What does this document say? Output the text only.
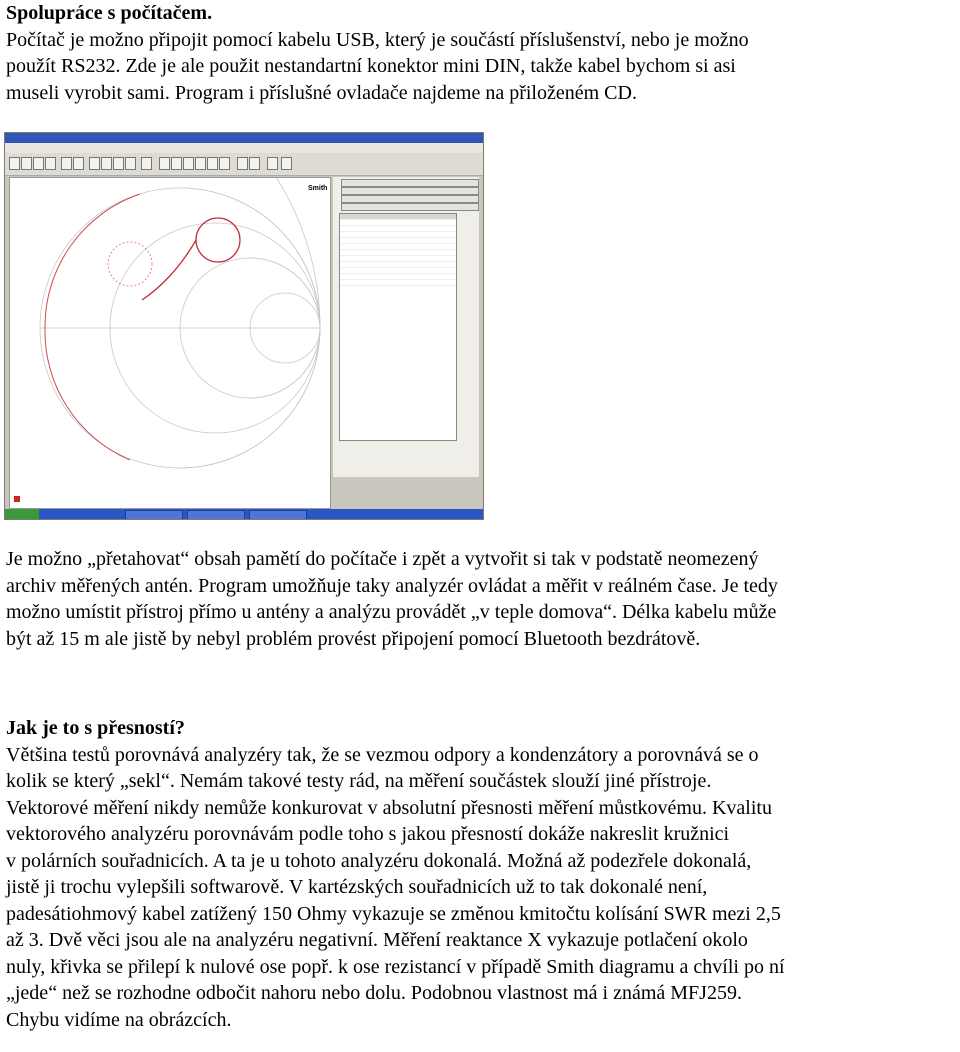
Spolupráce s počítačem.
Počítač je možno připojit pomocí kabelu USB, který je součástí příslušenství, nebo je možno
použít RS232. Zde je ale použit nestandartní konektor mini DIN, takže kabel bychom si asi
museli vyrobit sami. Program i příslušné ovladače najdeme na přiloženém CD.
Smith
Je možno „přetahovat“ obsah pamětí do počítače i zpět a vytvořit si tak v podstatě neomezený
archiv měřených antén. Program umožňuje taky analyzér ovládat a měřit v reálném čase. Je tedy
možno umístit přístroj přímo u antény a analýzu provádět „v teple domova“. Délka kabelu může
být až 15 m ale jistě by nebyl problém provést připojení pomocí Bluetooth bezdrátově.
Jak je to s přesností?
Většina testů porovnává analyzéry tak, že se vezmou odpory a kondenzátory a porovnává se o
kolik se který „sekl“. Nemám takové testy rád, na měření součástek slouží jiné přístroje.
Vektorové měření nikdy nemůže konkurovat v absolutní přesnosti měření můstkovému. Kvalitu
vektorového analyzéru porovnávám podle toho s jakou přesností dokáže nakreslit kružnici
v polárních souřadnicích. A ta je u tohoto analyzéru dokonalá. Možná až podezřele dokonalá,
jistě ji trochu vylepšili softwarově. V kartézských souřadnicích už to tak dokonalé není,
padesátiohmový kabel zatížený 150 Ohmy vykazuje se změnou kmitočtu kolísání SWR mezi 2,5
až 3. Dvě věci jsou ale na analyzéru negativní. Měření reaktance X vykazuje potlačení okolo
nuly, křivka se přilepí k nulové ose popř. k ose rezistancí v případě Smith diagramu a chvíli po ní
„jede“ než se rozhodne odbočit nahoru nebo dolu. Podobnou vlastnost má i známá MFJ259.
Chybu vidíme na obrázcích.
